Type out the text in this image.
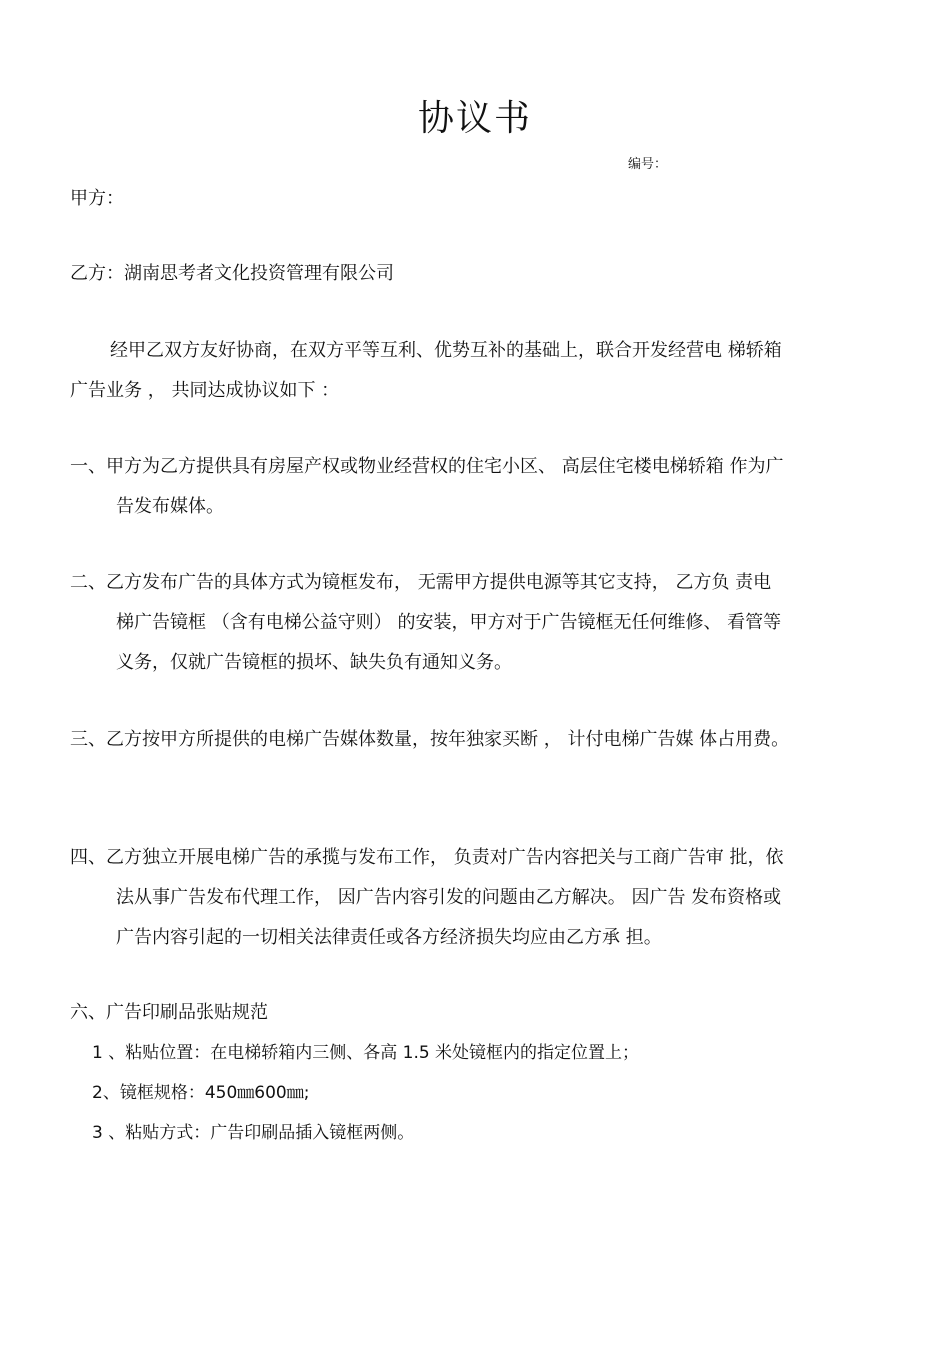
协议书
编号：
甲方：
乙方：湖南思考者文化投资管理有限公司
经甲乙双方友好协商，在双方平等互利、优势互补的基础上，联合开发经营电 梯轿箱
广告业务 ， 共同达成协议如下 ：
一、甲方为乙方提供具有房屋产权或物业经营权的住宅小区、 高层住宅楼电梯轿箱 作为广
告发布媒体。
二、乙方发布广告的具体方式为镜框发布， 无需甲方提供电源等其它支持， 乙方负 责电
梯广告镜框 （含有电梯公益守则） 的安装，甲方对于广告镜框无任何维修、 看管等
义务，仅就广告镜框的损坏、缺失负有通知义务。
三、乙方按甲方所提供的电梯广告媒体数量，按年独家买断 ， 计付电梯广告媒 体占用费。
四、乙方独立开展电梯广告的承揽与发布工作， 负责对广告内容把关与工商广告审 批，依
法从事广告发布代理工作， 因广告内容引发的问题由乙方解决。 因广告 发布资格或
广告内容引起的一切相关法律责任或各方经济损失均应由乙方承 担。
六、广告印刷品张贴规范
1 、粘贴位置：在电梯轿箱内三侧、各高 1.5 米处镜框内的指定位置上；
2、镜框规格：450㎜600㎜;
3 、粘贴方式：广告印刷品插入镜框两侧。
